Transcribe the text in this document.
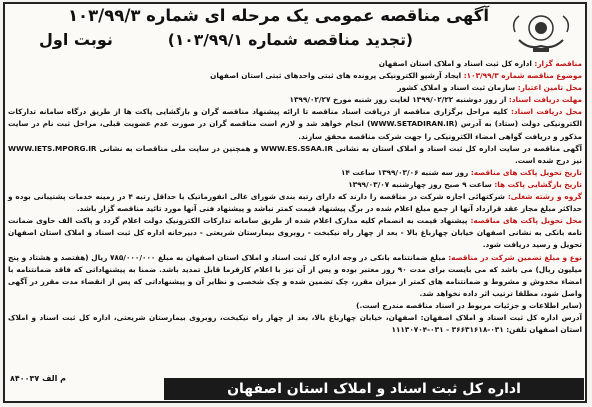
آگهی مناقصه عمومی یک مرحله ای شماره ۱۰۳/۹۹/۳
(تجدید مناقصه شماره ۱۰۳/۹۹/۱)
نوبت اول

مناقصه گزار: اداره کل ثبت اسناد و املاک استان اصفهان

موضوع مناقصه شماره ۱۰۳/۹۹/۳: ایجاد آرشیو الکترونیکی پرونده های ثبتی واحدهای ثبتی استان اصفهان

محل تامین اعتبار: سازمان ثبت اسناد و املاک کشور

مهلت دریافت اسناد: از روز دوشنبه ۱۳۹۹/۰۲/۲۲ لغایت روز شنبه مورخ ۱۳۹۹/۰۲/۲۷

محل دریافت اسناد: کلیه مراحل برگزاری مناقصه از دریافت اسناد مناقصه تا ارائه پیشنهاد مناقصه گران و بازگشایی پاکت ها از طریق درگاه سامانه تدارکات الکترونیکی دولت (ستاد) به آدرس (WWW.SETADIRAN.IR) انجام خواهد شد و لازم است مناقصه گران در صورت عدم عضویت قبلی، مراحل ثبت نام در سایت مذکور و دریافت گواهی امضاء الکترونیکی را جهت شرکت مناقصه محقق سازند.

آگهی مناقصه در سایت اداره کل ثبت اسناد و املاک استان به نشانی WWW.ES.SSAA.IR و همچنین در سایت ملی مناقصات به نشانی WWW.IETS.MPORG.IR نیز درج شده است.

تاریخ تحویل پاکت های مناقصه: روز سه شنبه ۱۳۹۹/۰۳/۰۶ ساعت ۱۴

تاریخ بازگشایی پاکت ها: ساعت ۹ صبح روز چهارشنبه ۱۳۹۹/۰۳/۰۷

گروه و رشته شغلی: شرکتهائی اجازه شرکت در مناقصه را دارند که دارای رتبه بندی شورای عالی انفورماتیک با حداقل رتبه ۴ در زمینه خدمات پشتیبانی بوده و حداکثر مبلغ مجاز عقد قرارداد آنها از جمع مبلغ اعلام شده در برگ پیشنهاد قیمت کمتر نباشد و پیشنهاد فنی آنها مورد تائید مناقصه گزار باشد.

محل تحویل پاکت های مناقصه: پیشنهاد قیمت به انضمام کلیه مدارک اعلام شده از طریق سامانه تدارکات الکترونیک دولت اعلام گردد و پاکت الف حاوی ضمانت نامه بانکی به نشانی اصفهان خیابان چهارباغ بالا - بعد از چهار راه نیکبخت - روبروی بیمارستان شریعتی - دبیرخانه اداره کل ثبت اسناد و املاک استان اصفهان تحویل و رسید دریافت شود.

نوع و مبلغ تضمین شرکت در مناقصه: مبلغ ضمانتنامه بانکی در وجه اداره کل ثبت اسناد و املاک استان اصفهان به مبلغ ۷۸۵/۰۰۰/۰۰۰ ریال (هفتصد و هشتاد و پنج میلیون ریال) می باشد که می بایست برای مدت ۹۰ روز معتبر بوده و پس از آن نیز با اعلام کارفرما قابل تمدید باشد. ضمنا به پیشنهاداتی که فاقد ضمانتنامه با امضاء مخدوش و مشروط و ضمانتنامه های کمتر از میزان مقرر، چک تضمین شده و چک شخصی و نظایر آن و پیشنهاداتی که پس از انقضاء مدت مقرر در آگهی واصل شود، مطلقا ترتیب اثر داده نخواهد شد.

(سایر اطلاعات و جزئیات مربوط در اسناد مناقصه مندرج است.)

آدرس اداره کل ثبت اسناد و املاک اصفهان: اصفهان، خیابان چهارباغ بالا، بعد از چهار راه نیکبخت، روبروی بیمارستان شریعتی، اداره کل ثبت اسناد و املاک استان اصفهان تلفن: ۰۳۱-۳۶۶۳۱۶۱۸ - ۰۳۱-۱۱۱۳۰۷۰۴

م الف ۸۴۰۰۳۷
اداره کل ثبت اسناد و املاک استان اصفهان
